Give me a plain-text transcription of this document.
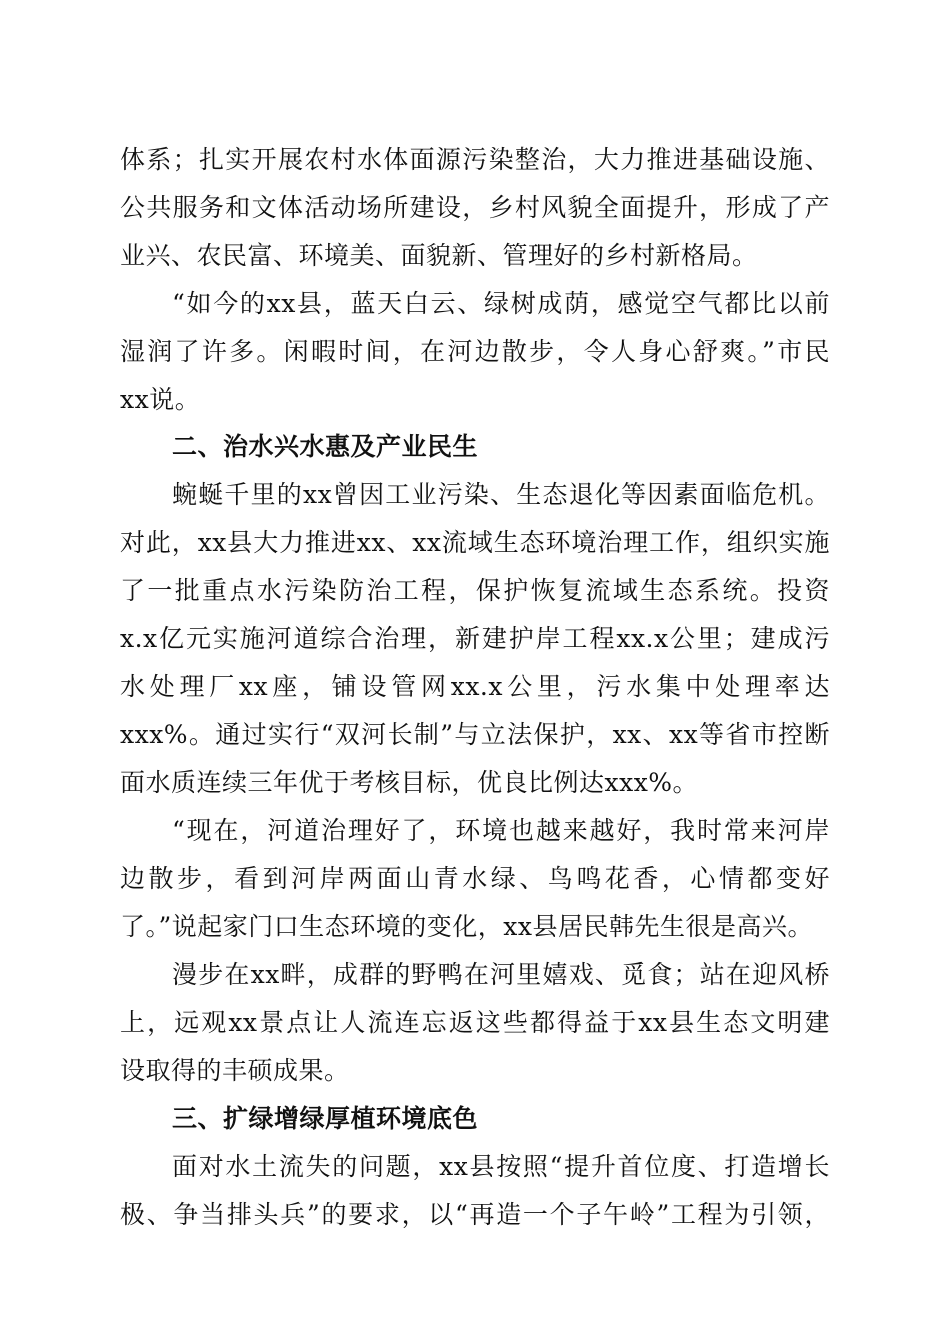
体系；扎实开展农村水体面源污染整治，大力推进基础设施、
公共服务和文体活动场所建设，乡村风貌全面提升，形成了产
业兴、农民富、环境美、面貌新、管理好的乡村新格局。
“如今的xx县，蓝天白云、绿树成荫，感觉空气都比以前
湿润了许多。闲暇时间，在河边散步，令人身心舒爽。”市民
xx说。
二、治水兴水惠及产业民生
蜿蜒千里的xx曾因工业污染、生态退化等因素面临危机。
对此，xx县大力推进xx、xx流域生态环境治理工作，组织实施
了一批重点水污染防治工程，保护恢复流域生态系统。投资
x.x亿元实施河道综合治理，新建护岸工程xx.x公里；建成污
水处理厂xx座，铺设管网xx.x公里，污水集中处理率达
xxx%。通过实行“双河长制”与立法保护，xx、xx等省市控断
面水质连续三年优于考核目标，优良比例达xxx%。
“现在，河道治理好了，环境也越来越好，我时常来河岸
边散步，看到河岸两面山青水绿、鸟鸣花香，心情都变好
了。”说起家门口生态环境的变化，xx县居民韩先生很是高兴。
漫步在xx畔，成群的野鸭在河里嬉戏、觅食；站在迎风桥
上，远观xx景点让人流连忘返这些都得益于xx县生态文明建
设取得的丰硕成果。
三、扩绿增绿厚植环境底色
面对水土流失的问题，xx县按照“提升首位度、打造增长
极、争当排头兵”的要求，以“再造一个子午岭”工程为引领，
